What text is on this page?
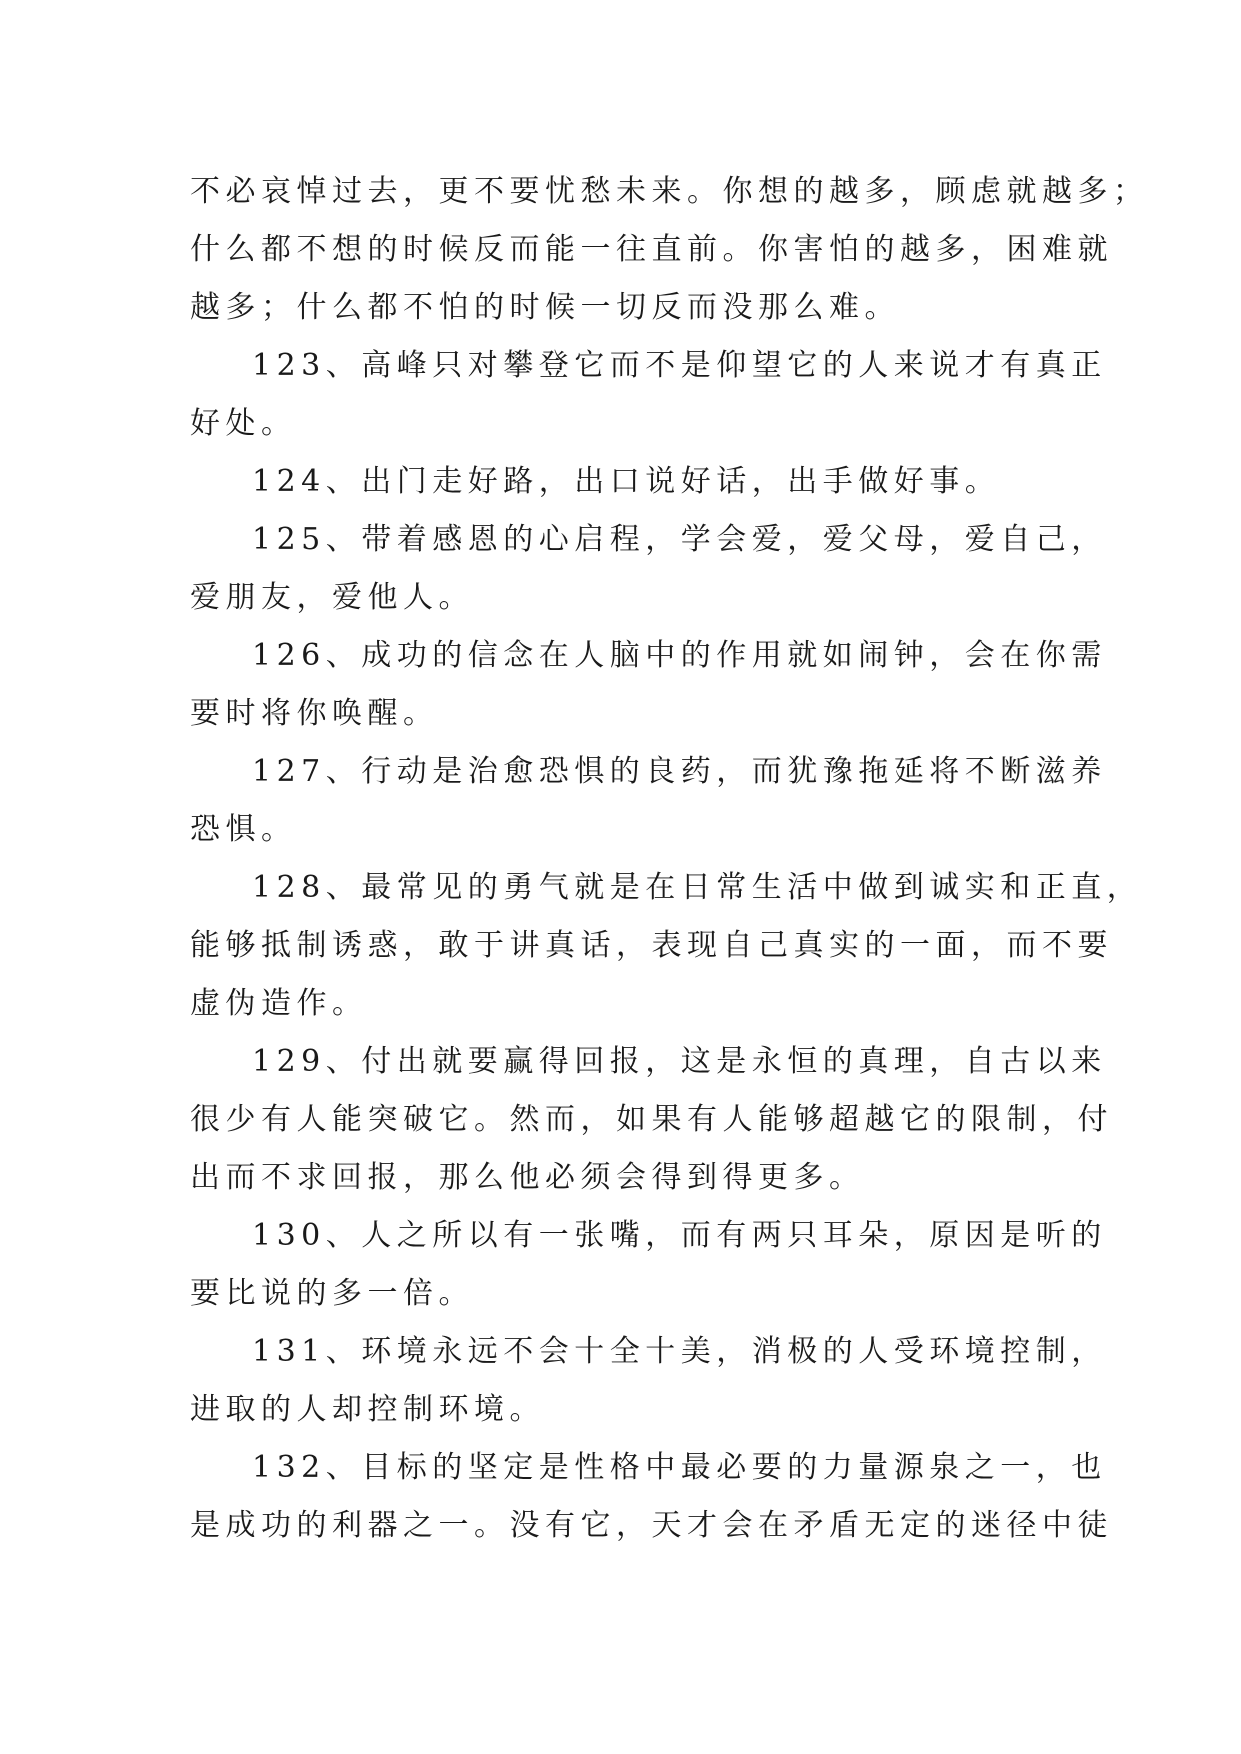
不必哀悼过去，更不要忧愁未来。你想的越多，顾虑就越多；
什么都不想的时候反而能一往直前。你害怕的越多，困难就
越多；什么都不怕的时候一切反而没那么难。
123、高峰只对攀登它而不是仰望它的人来说才有真正
好处。
124、出门走好路，出口说好话，出手做好事。
125、带着感恩的心启程，学会爱，爱父母，爱自己，
爱朋友，爱他人。
126、成功的信念在人脑中的作用就如闹钟，会在你需
要时将你唤醒。
127、行动是治愈恐惧的良药，而犹豫拖延将不断滋养
恐惧。
128、最常见的勇气就是在日常生活中做到诚实和正直，
能够抵制诱惑，敢于讲真话，表现自己真实的一面，而不要
虚伪造作。
129、付出就要赢得回报，这是永恒的真理，自古以来
很少有人能突破它。然而，如果有人能够超越它的限制，付
出而不求回报，那么他必须会得到得更多。
130、人之所以有一张嘴，而有两只耳朵，原因是听的
要比说的多一倍。
131、环境永远不会十全十美，消极的人受环境控制，
进取的人却控制环境。
132、目标的坚定是性格中最必要的力量源泉之一，也
是成功的利器之一。没有它，天才会在矛盾无定的迷径中徒
